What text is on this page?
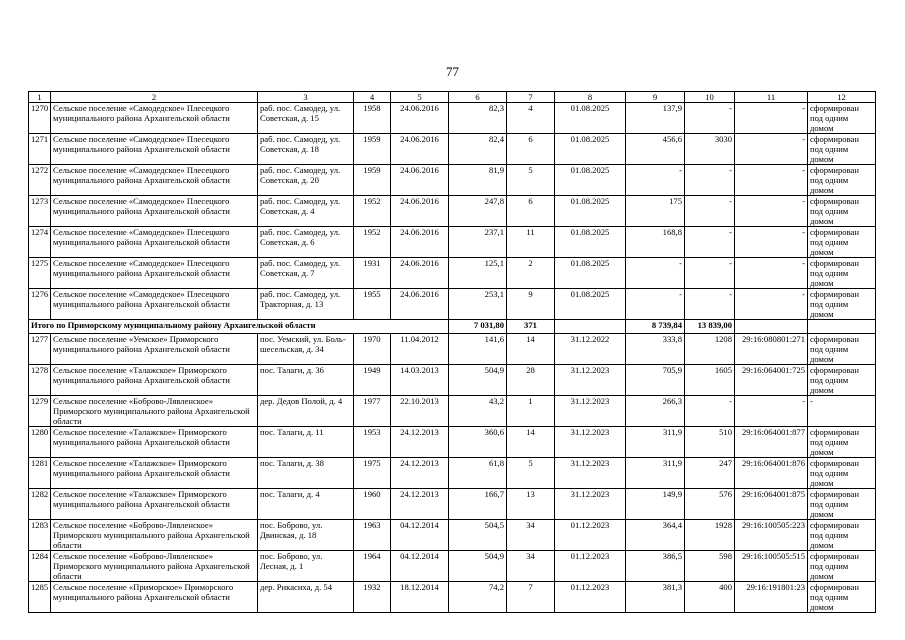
77
1	2	3	4	5	6	7	8	9	10	11	12
1270	Сельское поселение «Самодедское» Плесецкого муниципального района Архангельской области	раб. пос. Самодед, ул. Советская, д. 15	1958	24.06.2016	82,3	4	01.08.2025	137,9	-	-	сформирован под одним домом
1271	Сельское поселение «Самодедское» Плесецкого муниципального района Архангельской области	раб. пос. Самодед, ул. Советская, д. 18	1959	24.06.2016	82,4	6	01.08.2025	456,6	3030	-	сформирован под одним домом
1272	Сельское поселение «Самодедское» Плесецкого муниципального района Архангельской области	раб. пос. Самодед, ул. Советская, д. 20	1959	24.06.2016	81,9	5	01.08.2025	-	-	-	сформирован под одним домом
1273	Сельское поселение «Самодедское» Плесецкого муниципального района Архангельской области	раб. пос. Самодед, ул. Советская, д. 4	1952	24.06.2016	247,8	6	01.08.2025	175	-	-	сформирован под одним домом
1274	Сельское поселение «Самодедское» Плесецкого муниципального района Архангельской области	раб. пос. Самодед, ул. Советская, д. 6	1952	24.06.2016	237,1	11	01.08.2025	168,8	-	-	сформирован под одним домом
1275	Сельское поселение «Самодедское» Плесецкого муниципального района Архангельской области	раб. пос. Самодед, ул. Советская, д. 7	1931	24.06.2016	125,1	2	01.08.2025	-	-	-	сформирован под одним домом
1276	Сельское поселение «Самодедское» Плесецкого муниципального района Архангельской области	раб. пос. Самодед, ул. Тракторная, д. 13	1955	24.06.2016	253,1	9	01.08.2025	-	-	-	сформирован под одним домом
Итого по Приморскому муниципальному району Архангельской области					7 031,80	371		8 739,84	13 839,00		
1277	Сельское поселение «Уемское» Приморского муниципального района Архангельской области	пос. Уемский, ул. Боль-шесельская, д. 34	1970	11.04.2012	141,6	14	31.12.2022	333,8	1208	29:16:080801:271	сформирован под одним домом
1278	Сельское поселение «Талажское» Приморского муниципального района Архангельской области	пос. Талаги, д. 36	1949	14.03.2013	504,9	28	31.12.2023	705,9	1605	29:16:064001:725	сформирован под одним домом
1279	Сельское поселение «Боброво-Лявленское» Приморского муниципального района Архангельской области	дер. Дедов Полой, д. 4	1977	22.10.2013	43,2	1	31.12.2023	266,3	-	-	-
1280	Сельское поселение «Талажское» Приморского муниципального района Архангельской области	пос. Талаги, д. 11	1953	24.12.2013	360,6	14	31.12.2023	311,9	510	29:16:064001:877	сформирован под одним домом
1281	Сельское поселение «Талажское» Приморского муниципального района Архангельской области	пос. Талаги, д. 38	1975	24.12.2013	61,8	5	31.12.2023	311,9	247	29:16:064001:876	сформирован под одним домом
1282	Сельское поселение «Талажское» Приморского муниципального района Архангельской области	пос. Талаги, д. 4	1960	24.12.2013	166,7	13	31.12.2023	149,9	576	29:16:064001:875	сформирован под одним домом
1283	Сельское поселение «Боброво-Лявленское» Приморского муниципального района Архангельской области	пос. Боброво, ул. Двинская, д. 18	1963	04.12.2014	504,5	34	01.12.2023	364,4	1928	29:16:100505:223	сформирован под одним домом
1284	Сельское поселение «Боброво-Лявленское» Приморского муниципального района Архангельской области	пос. Боброво, ул. Лесная, д. 1	1964	04.12.2014	504,9	34	01.12.2023	386,5	598	29:16:100505:515	сформирован под одним домом
1285	Сельское поселение «Приморское» Приморского муниципального района Архангельской области	дер. Рикасиха, д. 54	1932	18.12.2014	74,2	7	01.12.2023	381,3	400	29:16:191801:23	сформирован под одним домом
